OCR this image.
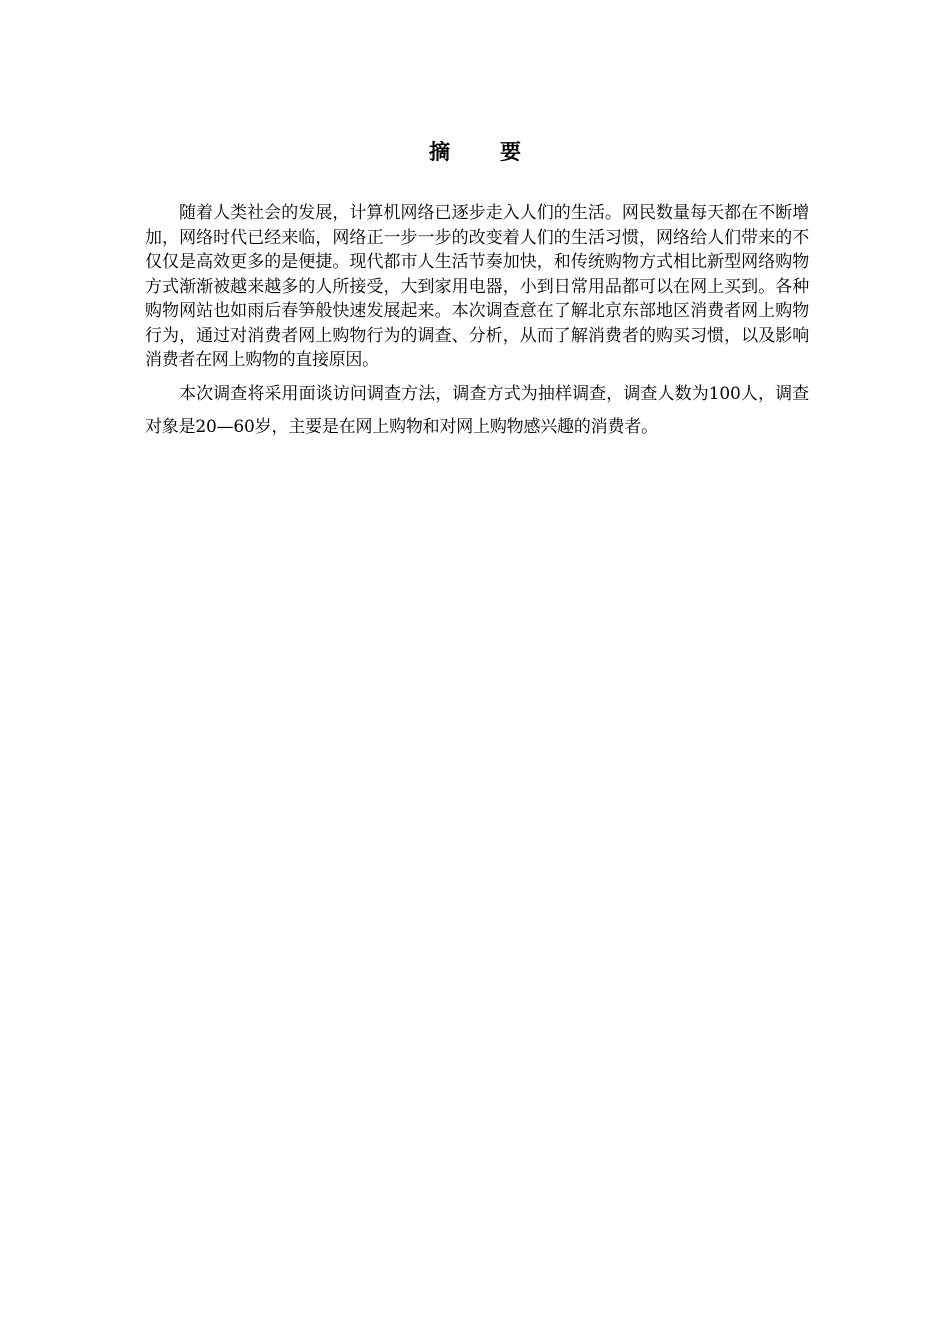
摘 要

随着人类社会的发展，计算机网络已逐步走入人们的生活。网民数量每天都在不断增加，网络时代已经来临，网络正一步一步的改变着人们的生活习惯，网络给人们带来的不仅仅是高效更多的是便捷。现代都市人生活节奏加快，和传统购物方式相比新型网络购物方式渐渐被越来越多的人所接受，大到家用电器，小到日常用品都可以在网上买到。各种购物网站也如雨后春笋般快速发展起来。本次调查意在了解北京东部地区消费者网上购物行为，通过对消费者网上购物行为的调查、分析，从而了解消费者的购买习惯，以及影响消费者在网上购物的直接原因。

本次调查将采用面谈访问调查方法，调查方式为抽样调查，调查人数为100人，调查对象是20—60岁，主要是在网上购物和对网上购物感兴趣的消费者。
